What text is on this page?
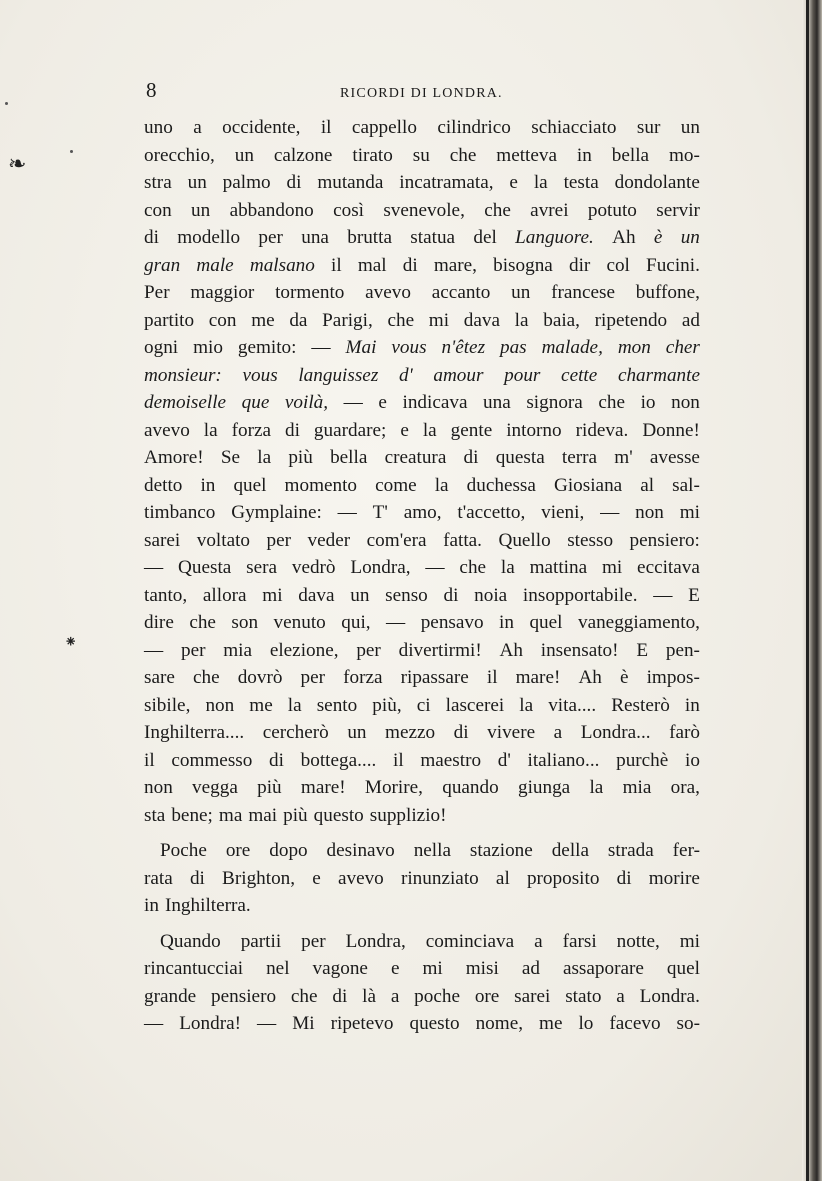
❧
⁕
8	RICORDI DI LONDRA.
uno a occidente, il cappello cilindrico schiacciato sur un
orecchio, un calzone tirato su che metteva in bella mo-
stra un palmo di mutanda incatramata, e la testa dondolante
con un abbandono così svenevole, che avrei potuto servir
di modello per una brutta statua del Languore. Ah è un
gran male malsano il mal di mare, bisogna dir col Fucini.
Per maggior tormento avevo accanto un francese buffone,
partito con me da Parigi, che mi dava la baia, ripetendo ad
ogni mio gemito: — Mai vous n'êtez pas malade, mon cher
monsieur: vous languissez d' amour pour cette charmante
demoiselle que voilà, — e indicava una signora che io non
avevo la forza di guardare; e la gente intorno rideva. Donne!
Amore! Se la più bella creatura di questa terra m' avesse
detto in quel momento come la duchessa Giosiana al sal-
timbanco Gymplaine: — T' amo, t'accetto, vieni, — non mi
sarei voltato per veder com'era fatta. Quello stesso pensiero:
— Questa sera vedrò Londra, — che la mattina mi eccitava
tanto, allora mi dava un senso di noia insopportabile. — E
dire che son venuto qui, — pensavo in quel vaneggiamento,
— per mia elezione, per divertirmi! Ah insensato! E pen-
sare che dovrò per forza ripassare il mare! Ah è impos-
sibile, non me la sento più, ci lascerei la vita.... Resterò in
Inghilterra.... cercherò un mezzo di vivere a Londra... farò
il commesso di bottega.... il maestro d' italiano... purchè io
non vegga più mare! Morire, quando giunga la mia ora,
sta bene; ma mai più questo supplizio!
Poche ore dopo desinavo nella stazione della strada fer-
rata di Brighton, e avevo rinunziato al proposito di morire
in Inghilterra.
Quando partii per Londra, cominciava a farsi notte, mi
rincantucciai nel vagone e mi misi ad assaporare quel
grande pensiero che di là a poche ore sarei stato a Londra.
— Londra! — Mi ripetevo questo nome, me lo facevo so-
